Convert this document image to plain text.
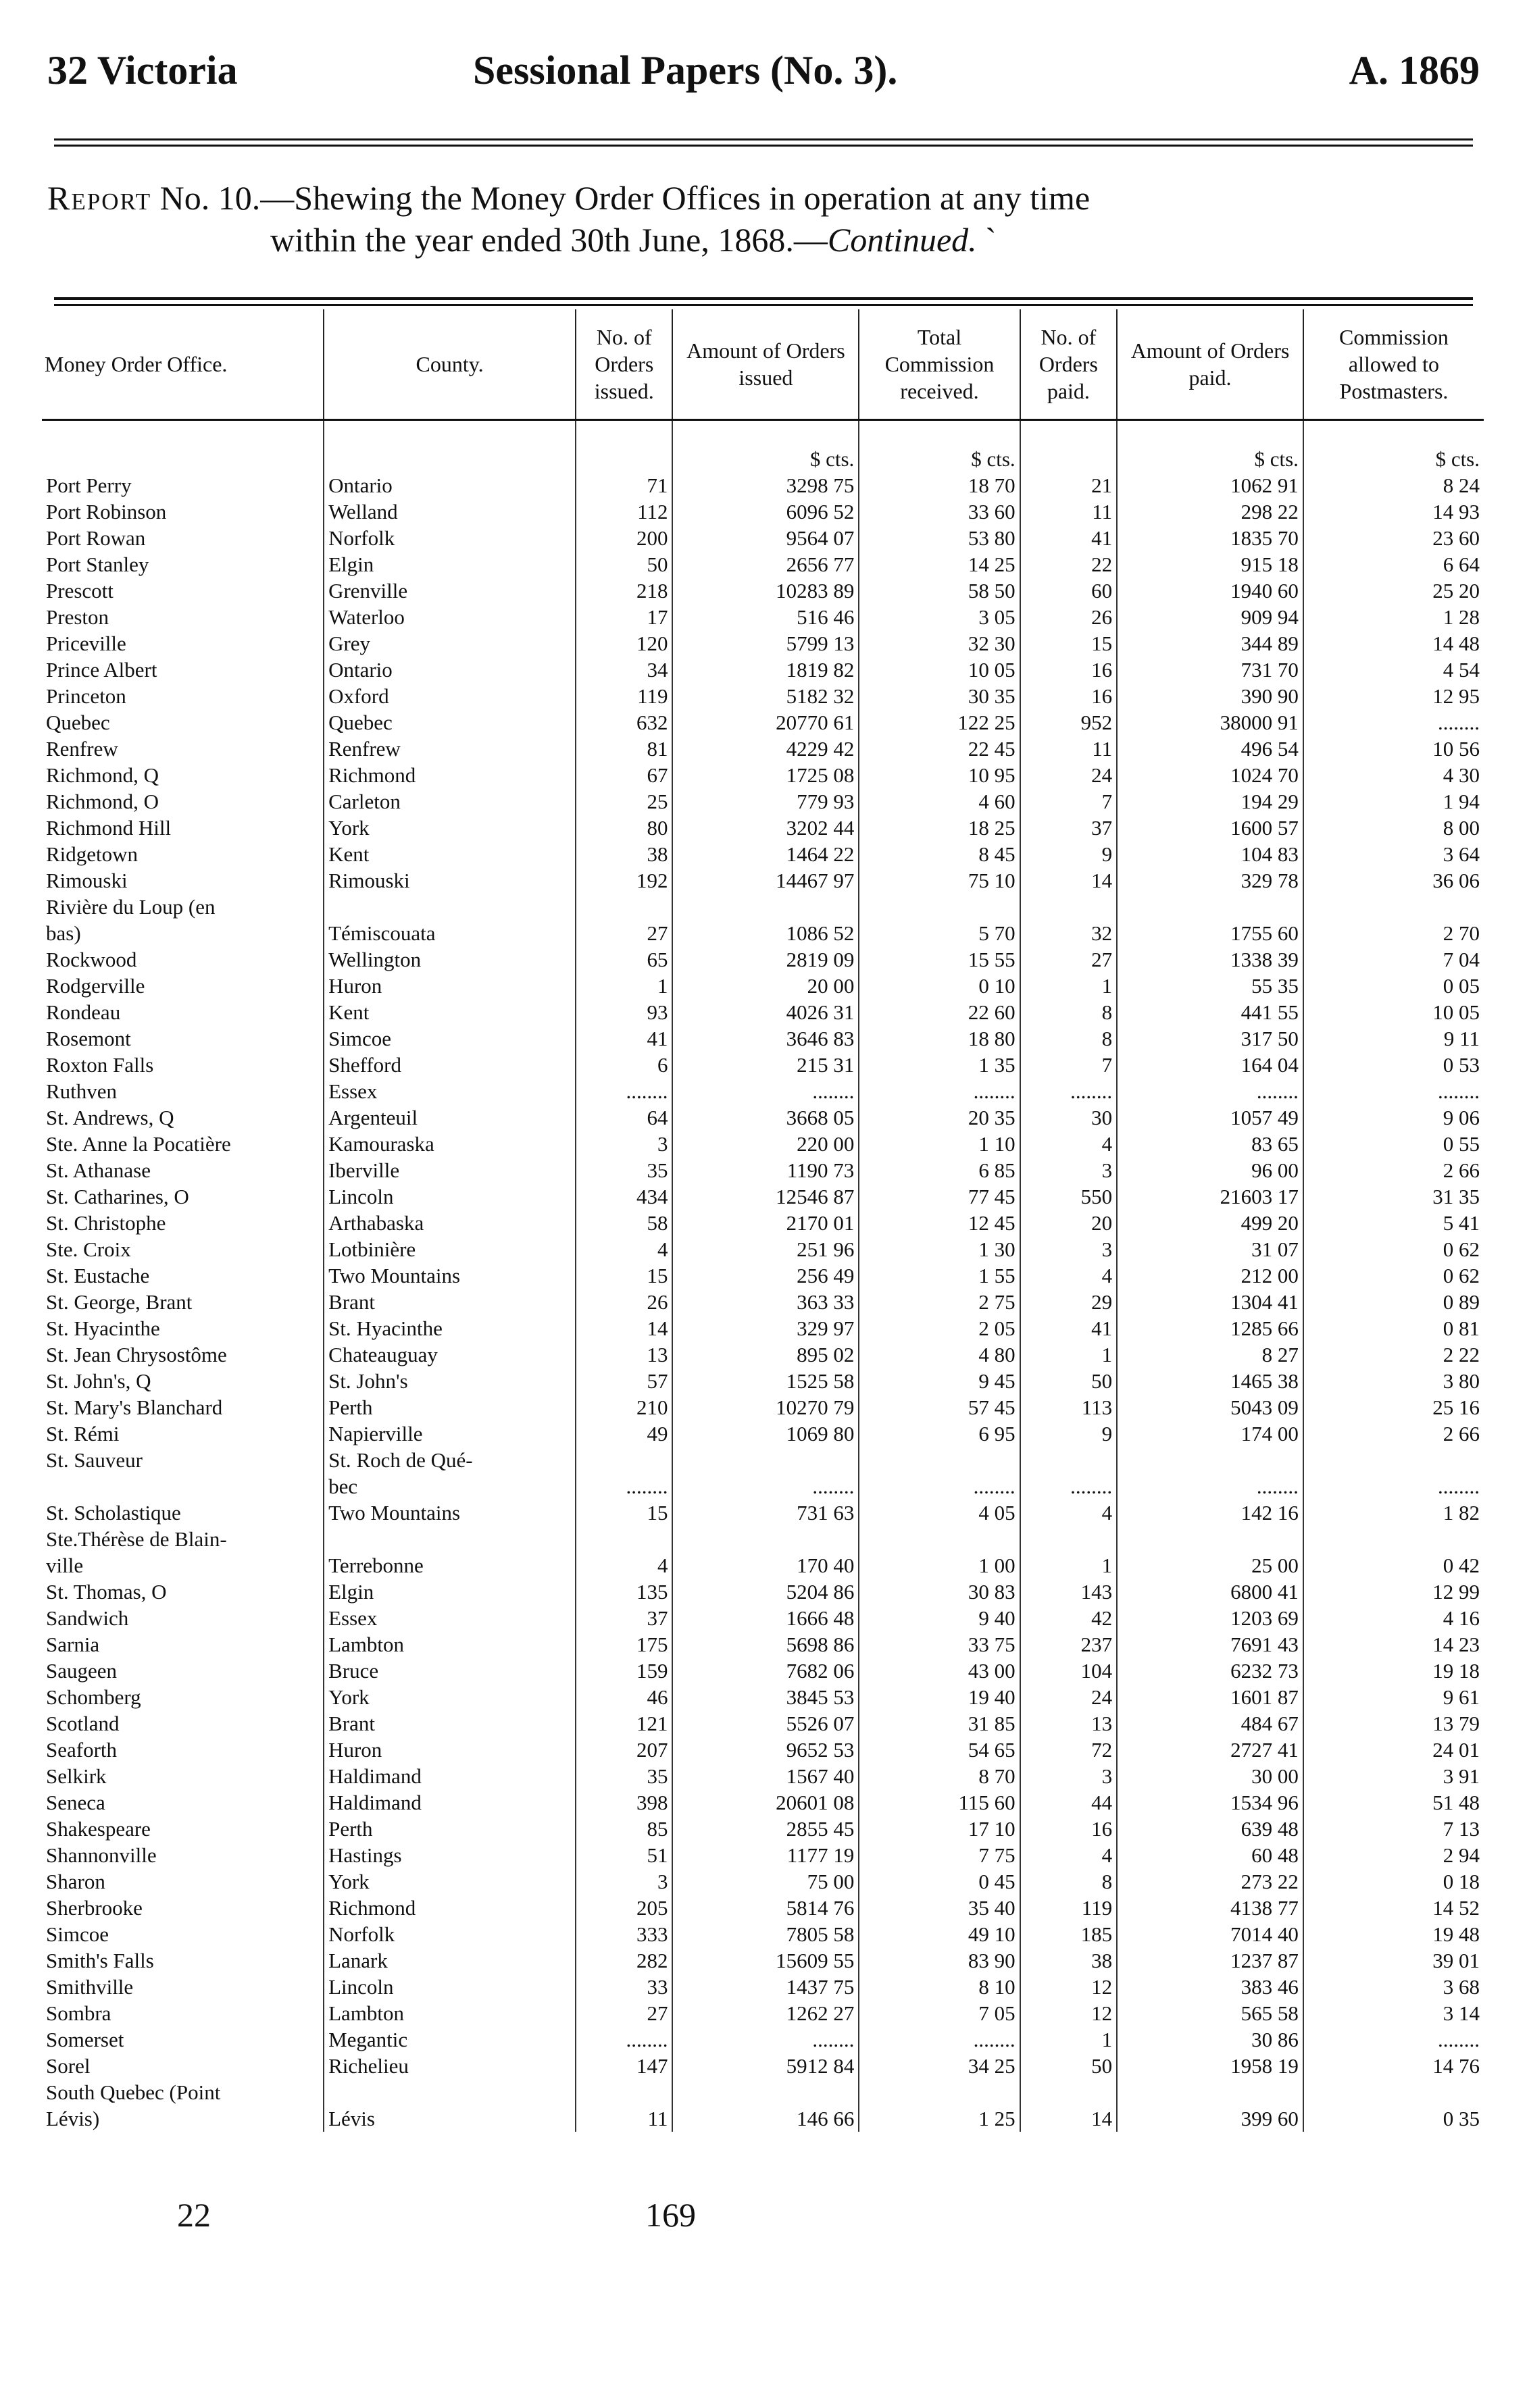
32 Victoria	Sessional Papers (No. 3).	A. 1869
Report No. 10.—Shewing the Money Order Offices in operation at any time
within the year ended 30th June, 1868.—Continued. `
Money Order Office.	County.	No. of Orders issued.	Amount of Orders issued	Total Commission received.	No. of Orders paid.	Amount of Orders paid.	Commission allowed to Postmasters.
			$ cts.	$ cts.		$ cts.	$ cts.
Port Perry	Ontario	71	3298 75	18 70	21	1062 91	8 24
Port Robinson	Welland	112	6096 52	33 60	11	298 22	14 93
Port Rowan	Norfolk	200	9564 07	53 80	41	1835 70	23 60
Port Stanley	Elgin	50	2656 77	14 25	22	915 18	6 64
Prescott	Grenville	218	10283 89	58 50	60	1940 60	25 20
Preston	Waterloo	17	516 46	3 05	26	909 94	1 28
Priceville	Grey	120	5799 13	32 30	15	344 89	14 48
Prince Albert	Ontario	34	1819 82	10 05	16	731 70	4 54
Princeton	Oxford	119	5182 32	30 35	16	390 90	12 95
Quebec	Quebec	632	20770 61	122 25	952	38000 91	........
Renfrew	Renfrew	81	4229 42	22 45	11	496 54	10 56
Richmond, Q	Richmond	67	1725 08	10 95	24	1024 70	4 30
Richmond, O	Carleton	25	779 93	4 60	7	194 29	1 94
Richmond Hill	York	80	3202 44	18 25	37	1600 57	8 00
Ridgetown	Kent	38	1464 22	8 45	9	104 83	3 64
Rimouski	Rimouski	192	14467 97	75 10	14	329 78	36 06
Rivière du Loup (en							
bas)	Témiscouata	27	1086 52	5 70	32	1755 60	2 70
Rockwood	Wellington	65	2819 09	15 55	27	1338 39	7 04
Rodgerville	Huron	1	20 00	0 10	1	55 35	0 05
Rondeau	Kent	93	4026 31	22 60	8	441 55	10 05
Rosemont	Simcoe	41	3646 83	18 80	8	317 50	9 11
Roxton Falls	Shefford	6	215 31	1 35	7	164 04	0 53
Ruthven	Essex	........	........	........	........	........	........
St. Andrews, Q	Argenteuil	64	3668 05	20 35	30	1057 49	9 06
Ste. Anne la Pocatière	Kamouraska	3	220 00	1 10	4	83 65	0 55
St. Athanase	Iberville	35	1190 73	6 85	3	96 00	2 66
St. Catharines, O	Lincoln	434	12546 87	77 45	550	21603 17	31 35
St. Christophe	Arthabaska	58	2170 01	12 45	20	499 20	5 41
Ste. Croix	Lotbinière	4	251 96	1 30	3	31 07	0 62
St. Eustache	Two Mountains	15	256 49	1 55	4	212 00	0 62
St. George, Brant	Brant	26	363 33	2 75	29	1304 41	0 89
St. Hyacinthe	St. Hyacinthe	14	329 97	2 05	41	1285 66	0 81
St. Jean Chrysostôme	Chateauguay	13	895 02	4 80	1	8 27	2 22
St. John's, Q	St. John's	57	1525 58	9 45	50	1465 38	3 80
St. Mary's Blanchard	Perth	210	10270 79	57 45	113	5043 09	25 16
St. Rémi	Napierville	49	1069 80	6 95	9	174 00	2 66
St. Sauveur	St. Roch de Qué-						
	bec	........	........	........	........	........	........
St. Scholastique	Two Mountains	15	731 63	4 05	4	142 16	1 82
Ste.Thérèse de Blain-							
ville	Terrebonne	4	170 40	1 00	1	25 00	0 42
St. Thomas, O	Elgin	135	5204 86	30 83	143	6800 41	12 99
Sandwich	Essex	37	1666 48	9 40	42	1203 69	4 16
Sarnia	Lambton	175	5698 86	33 75	237	7691 43	14 23
Saugeen	Bruce	159	7682 06	43 00	104	6232 73	19 18
Schomberg	York	46	3845 53	19 40	24	1601 87	9 61
Scotland	Brant	121	5526 07	31 85	13	484 67	13 79
Seaforth	Huron	207	9652 53	54 65	72	2727 41	24 01
Selkirk	Haldimand	35	1567 40	8 70	3	30 00	3 91
Seneca	Haldimand	398	20601 08	115 60	44	1534 96	51 48
Shakespeare	Perth	85	2855 45	17 10	16	639 48	7 13
Shannonville	Hastings	51	1177 19	7 75	4	60 48	2 94
Sharon	York	3	75 00	0 45	8	273 22	0 18
Sherbrooke	Richmond	205	5814 76	35 40	119	4138 77	14 52
Simcoe	Norfolk	333	7805 58	49 10	185	7014 40	19 48
Smith's Falls	Lanark	282	15609 55	83 90	38	1237 87	39 01
Smithville	Lincoln	33	1437 75	8 10	12	383 46	3 68
Sombra	Lambton	27	1262 27	7 05	12	565 58	3 14
Somerset	Megantic	........	........	........	1	30 86	........
Sorel	Richelieu	147	5912 84	34 25	50	1958 19	14 76
South Quebec (Point							
Lévis)	Lévis	11	146 66	1 25	14	399 60	0 35
22	169
